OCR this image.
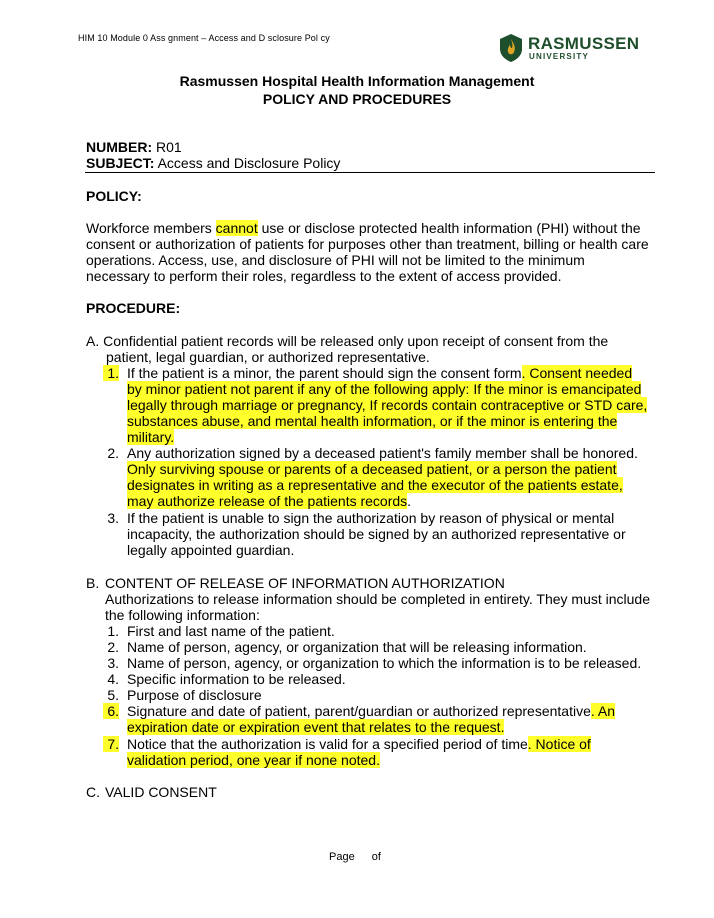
HIM 10 Module 0 Ass gnment – Access and D sclosure Pol cy	RASMUSSEN
UNIVERSITY
Rasmussen Hospital Health Information Management
POLICY AND PROCEDURES
NUMBER: R01
SUBJECT: Access and Disclosure Policy
POLICY:
Workforce members cannot use or disclose protected health information (PHI) without the
consent or authorization of patients for purposes other than treatment, billing or health care
operations. Access, use, and disclosure of PHI will not be limited to the minimum
necessary to perform their roles, regardless to the extent of access provided.
PROCEDURE:
A. Confidential patient records will be released only upon receipt of consent from the
patient, legal guardian, or authorized representative.
1. If the patient is a minor, the parent should sign the consent form. Consent needed
by minor patient not parent if any of the following apply: If the minor is emancipated
legally through marriage or pregnancy, If records contain contraceptive or STD care,
substances abuse, and mental health information, or if the minor is entering the
military.
2. Any authorization signed by a deceased patient's family member shall be honored.
Only surviving spouse or parents of a deceased patient, or a person the patient
designates in writing as a representative and the executor of the patients estate,
may authorize release of the patients records.
3. If the patient is unable to sign the authorization by reason of physical or mental
incapacity, the authorization should be signed by an authorized representative or
legally appointed guardian.
B. CONTENT OF RELEASE OF INFORMATION AUTHORIZATION
Authorizations to release information should be completed in entirety. They must include
the following information:
1. First and last name of the patient.
2. Name of person, agency, or organization that will be releasing information.
3. Name of person, agency, or organization to which the information is to be released.
4. Specific information to be released.
5. Purpose of disclosure
6. Signature and date of patient, parent/guardian or authorized representative. An
expiration date or expiration event that relates to the request.
7. Notice that the authorization is valid for a specified period of time. Notice of
validation period, one year if none noted.
C. VALID CONSENT
Page of
